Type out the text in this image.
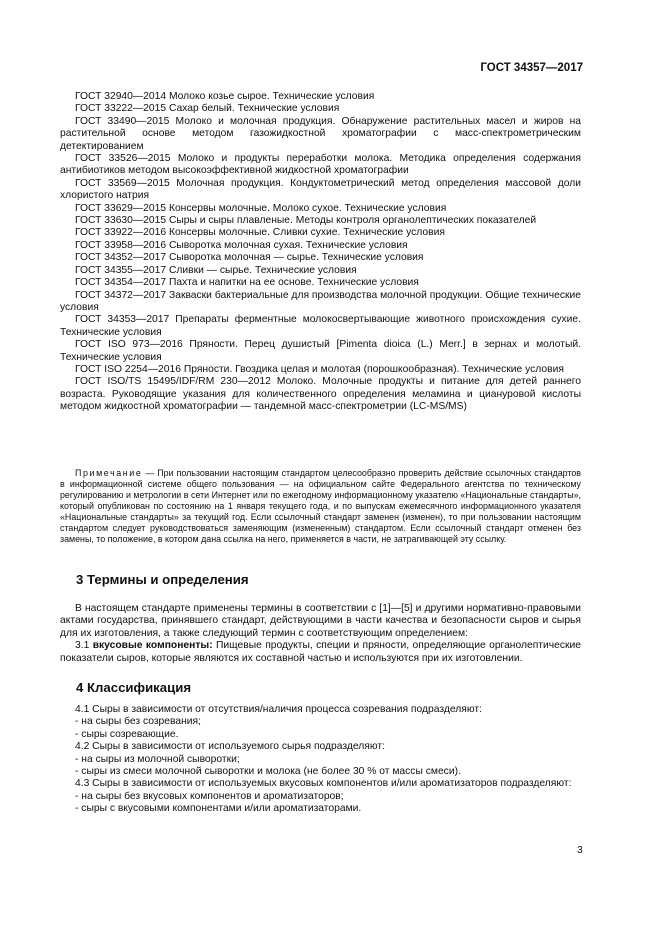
ГОСТ 34357—2017

ГОСТ 32940—2014 Молоко козье сырое. Технические условия

ГОСТ 33222—2015 Сахар белый. Технические условия

ГОСТ 33490—2015 Молоко и молочная продукция. Обнаружение растительных масел и жиров на растительной основе методом газожидкостной хроматографии с масс-спектрометрическим детектированием

ГОСТ 33526—2015 Молоко и продукты переработки молока. Методика определения содержания антибиотиков методом высокоэффективной жидкостной хроматографии

ГОСТ 33569—2015 Молочная продукция. Кондуктометрический метод определения массовой доли хлористого натрия

ГОСТ 33629—2015 Консервы молочные. Молоко сухое. Технические условия

ГОСТ 33630—2015 Сыры и сыры плавленые. Методы контроля органолептических показателей

ГОСТ 33922—2016 Консервы молочные. Сливки сухие. Технические условия

ГОСТ 33958—2016 Сыворотка молочная сухая. Технические условия

ГОСТ 34352—2017 Сыворотка молочная — сырье. Технические условия

ГОСТ 34355—2017 Сливки — сырье. Технические условия

ГОСТ 34354—2017 Пахта и напитки на ее основе. Технические условия

ГОСТ 34372—2017 Закваски бактериальные для производства молочной продукции. Общие технические условия

ГОСТ 34353—2017 Препараты ферментные молокосвертывающие животного происхождения сухие. Технические условия

ГОСТ ISO 973—2016 Пряности. Перец душистый [Pimenta dioica (L.) Merr.] в зернах и молотый. Технические условия

ГОСТ ISO 2254—2016 Пряности. Гвоздика целая и молотая (порошкообразная). Технические условия

ГОСТ ISO/TS 15495/IDF/RM 230—2012 Молоко. Молочные продукты и питание для детей раннего возраста. Руководящие указания для количественного определения меламина и циануровой кислоты методом жидкостной хроматографии — тандемной масс-спектрометрии (LC-MS/MS)

Примечание — При пользовании настоящим стандартом целесообразно проверить действие ссылочных стандартов в информационной системе общего пользования — на официальном сайте Федерального агентства по техническому регулированию и метрологии в сети Интернет или по ежегодному информационному указателю «Национальные стандарты», который опубликован по состоянию на 1 января текущего года, и по выпускам ежемесячного информационного указателя «Национальные стандарты» за текущий год. Если ссылочный стандарт заменен (изменен), то при пользовании настоящим стандартом следует руководствоваться заменяющим (измененным) стандартом. Если ссылочный стандарт отменен без замены, то положение, в котором дана ссылка на него, применяется в части, не затрагивающей эту ссылку.

3 Термины и определения

В настоящем стандарте применены термины в соответствии с [1]—[5] и другими нормативно-правовыми актами государства, принявшего стандарт, действующими в части качества и безопасности сыров и сырья для их изготовления, а также следующий термин с соответствующим определением:

3.1 вкусовые компоненты: Пищевые продукты, специи и пряности, определяющие органолептические показатели сыров, которые являются их составной частью и используются при их изготовлении.

4 Классификация

4.1 Сыры в зависимости от отсутствия/наличия процесса созревания подразделяют:

- на сыры без созревания;

- сыры созревающие.

4.2 Сыры в зависимости от используемого сырья подразделяют:

- на сыры из молочной сыворотки;

- сыры из смеси молочной сыворотки и молока (не более 30 % от массы смеси).

4.3 Сыры в зависимости от используемых вкусовых компонентов и/или ароматизаторов подразделяют:

- на сыры без вкусовых компонентов и ароматизаторов;

- сыры с вкусовыми компонентами и/или ароматизаторами.

3
